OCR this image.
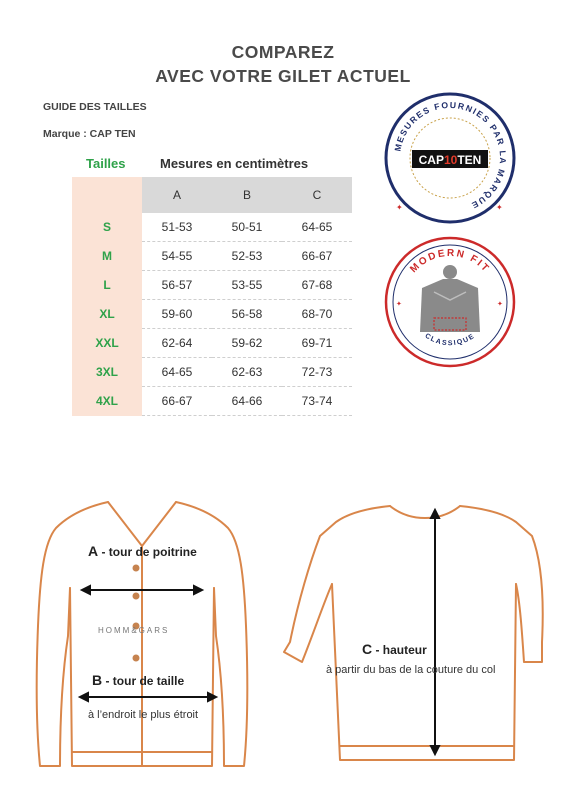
COMPAREZ
AVEC VOTRE GILET ACTUEL
GUIDE DES TAILLES
Marque : CAP TEN
Tailles	Mesures en centimètres
	A	B	C
S	51-53	50-51	64-65
M	54-55	52-53	66-67
L	56-57	53-55	67-68
XL	59-60	56-58	68-70
XXL	62-64	59-62	69-71
3XL	64-65	62-63	72-73
4XL	66-67	64-66	73-74
MESURES FOURNIES PAR LA MARQUE
CAP10TEN
✦	✦
MODERN FIT
CLASSIQUE
✦	✦
HOMM&GARS
A - tour de poitrine
B - tour de taille
à l’endroit le plus étroit
C - hauteur
à partir du bas de la couture du col
